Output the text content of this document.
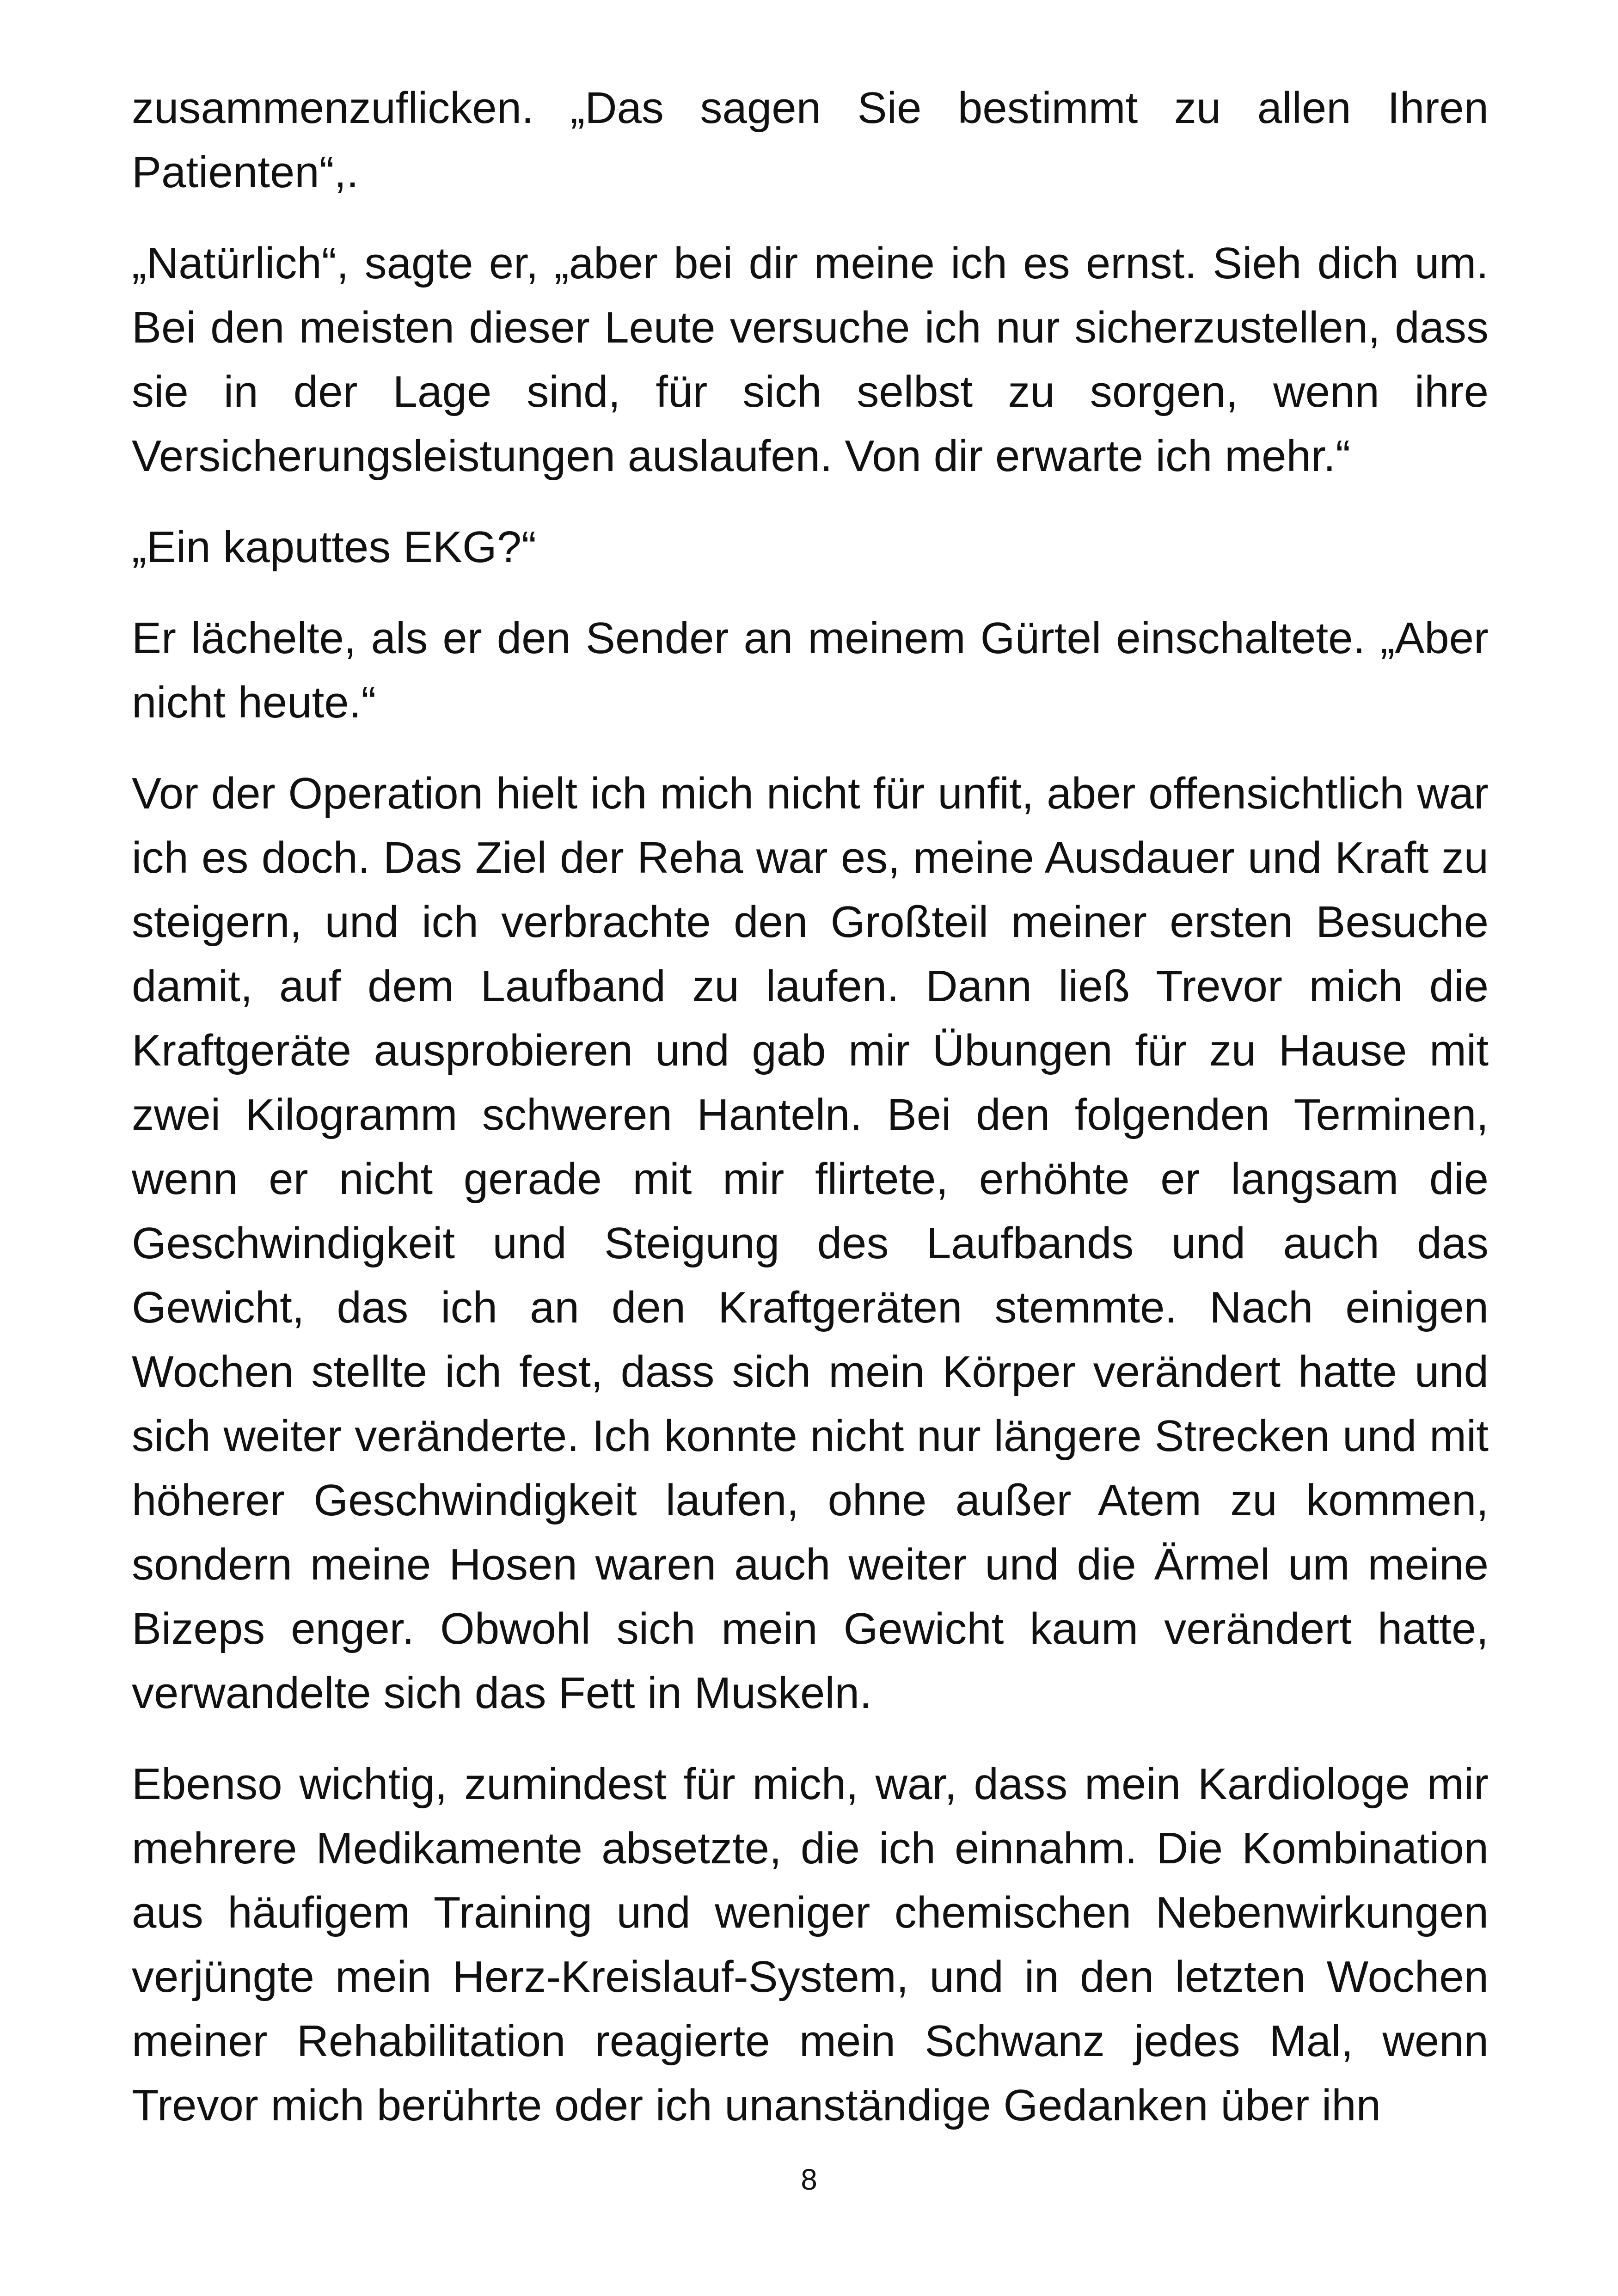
zusammenzuflicken. „Das sagen Sie bestimmt zu allen Ihren Patienten“,.

„Natürlich“, sagte er, „aber bei dir meine ich es ernst. Sieh dich um. Bei den meisten dieser Leute versuche ich nur sicherzustellen, dass sie in der Lage sind, für sich selbst zu sorgen, wenn ihre Versicherungsleistungen auslaufen. Von dir erwarte ich mehr.“

„Ein kaputtes EKG?“

Er lächelte, als er den Sender an meinem Gürtel einschaltete. „Aber nicht heute.“

Vor der Operation hielt ich mich nicht für unfit, aber offensichtlich war ich es doch. Das Ziel der Reha war es, meine Ausdauer und Kraft zu steigern, und ich verbrachte den Großteil meiner ersten Besuche damit, auf dem Laufband zu laufen. Dann ließ Trevor mich die Kraftgeräte ausprobieren und gab mir Übungen für zu Hause mit zwei Kilogramm schweren Hanteln. Bei den folgenden Terminen, wenn er nicht gerade mit mir flirtete, erhöhte er langsam die Geschwindigkeit und Steigung des Laufbands und auch das Gewicht, das ich an den Kraftgeräten stemmte. Nach einigen Wochen stellte ich fest, dass sich mein Körper verändert hatte und sich weiter veränderte. Ich konnte nicht nur längere Strecken und mit höherer Geschwindigkeit laufen, ohne außer Atem zu kommen, sondern meine Hosen waren auch weiter und die Ärmel um meine Bizeps enger. Obwohl sich mein Gewicht kaum verändert hatte, verwandelte sich das Fett in Muskeln.

Ebenso wichtig, zumindest für mich, war, dass mein Kardiologe mir mehrere Medikamente absetzte, die ich einnahm. Die Kombination aus häufigem Training und weniger chemischen Nebenwirkungen verjüngte mein Herz-Kreislauf-System, und in den letzten Wochen meiner Rehabilitation reagierte mein Schwanz jedes Mal, wenn Trevor mich berührte oder ich unanständige Gedanken über ihn

8
